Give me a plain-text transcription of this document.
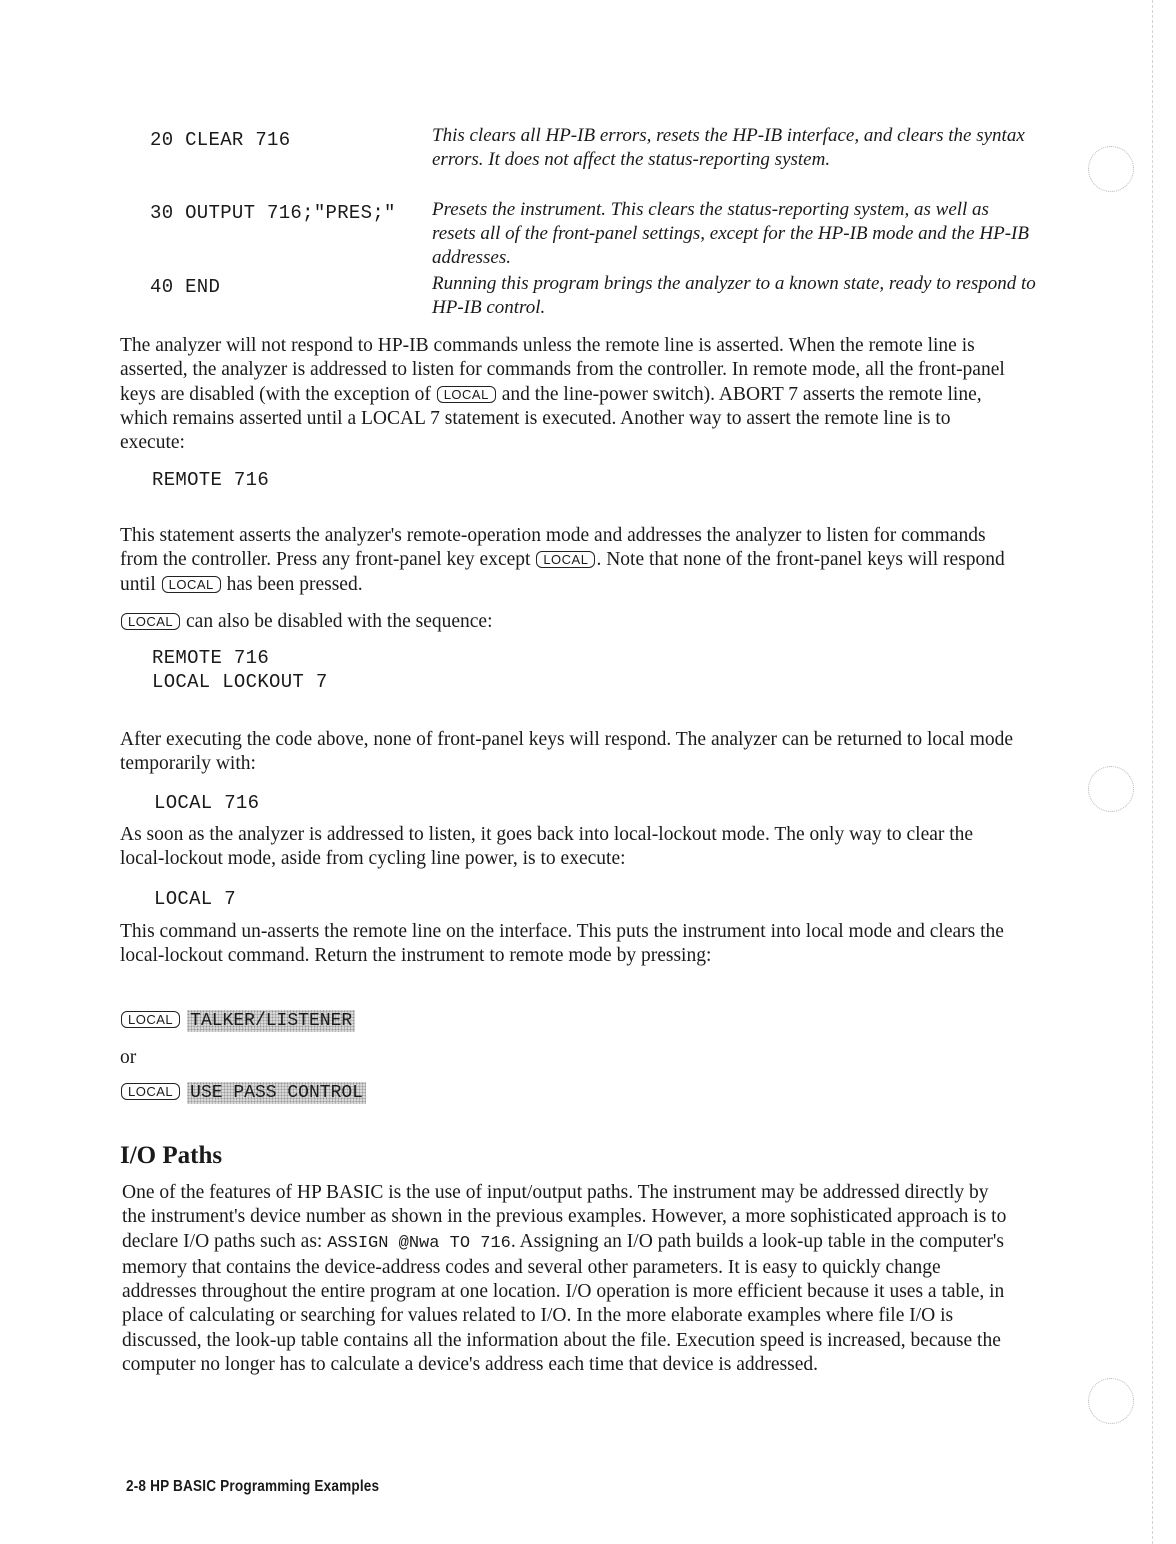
20 CLEAR 716	This clears all HP-IB errors, resets the HP-IB interface, and clears the syntax errors. It does not affect the status-reporting system.
30 OUTPUT 716;"PRES;" Presets the instrument. This clears the status-reporting system, as well as resets all of the front-panel settings, except for the HP-IB mode and the HP-IB addresses.
40 END	Running this program brings the analyzer to a known state, ready to respond to HP-IB control.
The analyzer will not respond to HP-IB commands unless the remote line is asserted. When the remote line is asserted, the analyzer is addressed to listen for commands from the controller. In remote mode, all the front-panel keys are disabled (with the exception of LOCAL and the line-power switch). ABORT 7 asserts the remote line, which remains asserted until a LOCAL 7 statement is executed. Another way to assert the remote line is to execute:
REMOTE 716
This statement asserts the analyzer's remote-operation mode and addresses the analyzer to listen for commands from the controller. Press any front-panel key except LOCAL . Note that none of the front-panel keys will respond until LOCAL has been pressed.
LOCAL can also be disabled with the sequence:
REMOTE 716
LOCAL LOCKOUT 7
After executing the code above, none of front-panel keys will respond. The analyzer can be returned to local mode temporarily with:
LOCAL 716
As soon as the analyzer is addressed to listen, it goes back into local-lockout mode. The only way to clear the local-lockout mode, aside from cycling line power, is to execute:
LOCAL 7
This command un-asserts the remote line on the interface. This puts the instrument into local mode and clears the local-lockout command. Return the instrument to remote mode by pressing:
LOCAL TALKER/LISTENER
or
LOCAL USE PASS CONTROL
I/O Paths
One of the features of HP BASIC is the use of input/output paths. The instrument may be addressed directly by the instrument's device number as shown in the previous examples. However, a more sophisticated approach is to declare I/O paths such as: ASSIGN @Nwa TO 716. Assigning an I/O path builds a look-up table in the computer's memory that contains the device-address codes and several other parameters. It is easy to quickly change addresses throughout the entire program at one location. I/O operation is more efficient because it uses a table, in place of calculating or searching for values related to I/O. In the more elaborate examples where file I/O is discussed, the look-up table contains all the information about the file. Execution speed is increased, because the computer no longer has to calculate a device's address each time that device is addressed.
2-8 HP BASIC Programming Examples
